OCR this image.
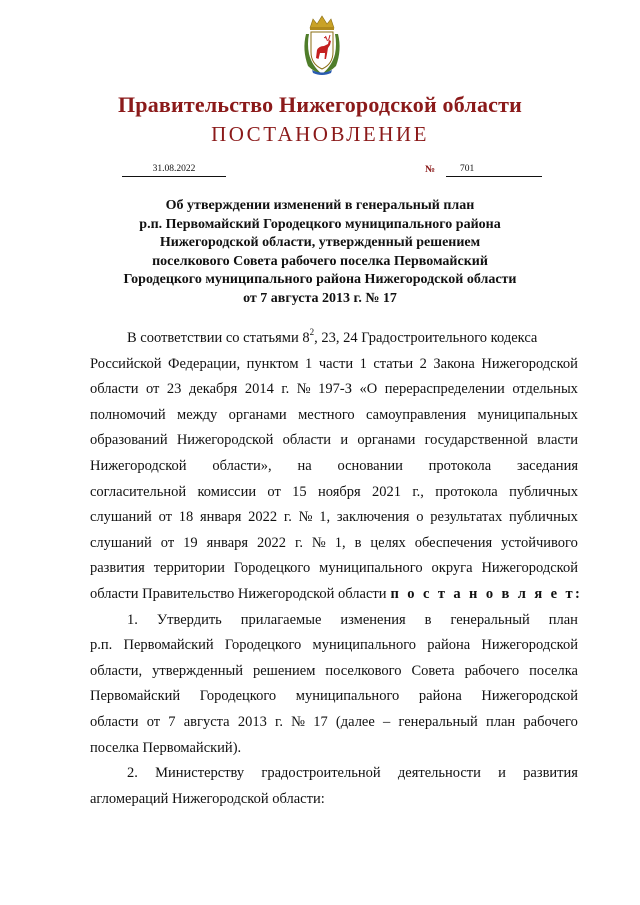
Правительство Нижегородской области
ПОСТАНОВЛЕНИЕ
31.08.2022	№	701
Об утверждении изменений в генеральный план
р.п. Первомайский Городецкого муниципального района
Нижегородской области, утвержденный решением
поселкового Совета рабочего поселка Первомайский
Городецкого муниципального района Нижегородской области
от 7 августа 2013 г. № 17
В соответствии со статьями $8^2$, 23, 24 Градостроительного кодекса
Российской Федерации, пунктом 1 части 1 статьи 2 Закона Нижегородской
области от 23 декабря 2014 г. № 197-З «О перераспределении отдельных
полномочий между органами местного самоуправления муниципальных
образований Нижегородской области и органами государственной власти
Нижегородской области», на основании протокола заседания
согласительной комиссии от 15 ноября 2021 г., протокола публичных
слушаний от 18 января 2022 г. № 1, заключения о результатах публичных
слушаний от 19 января 2022 г. № 1, в целях обеспечения устойчивого
развития территории Городецкого муниципального округа Нижегородской
области Правительство Нижегородской области п о с т а н о в л я е т:
1. Утвердить прилагаемые изменения в генеральный план
р.п. Первомайский Городецкого муниципального района Нижегородской
области, утвержденный решением поселкового Совета рабочего поселка
Первомайский Городецкого муниципального района Нижегородской
области от 7 августа 2013 г. № 17 (далее – генеральный план рабочего
поселка Первомайский).
2. Министерству градостроительной деятельности и развития
агломераций Нижегородской области:
